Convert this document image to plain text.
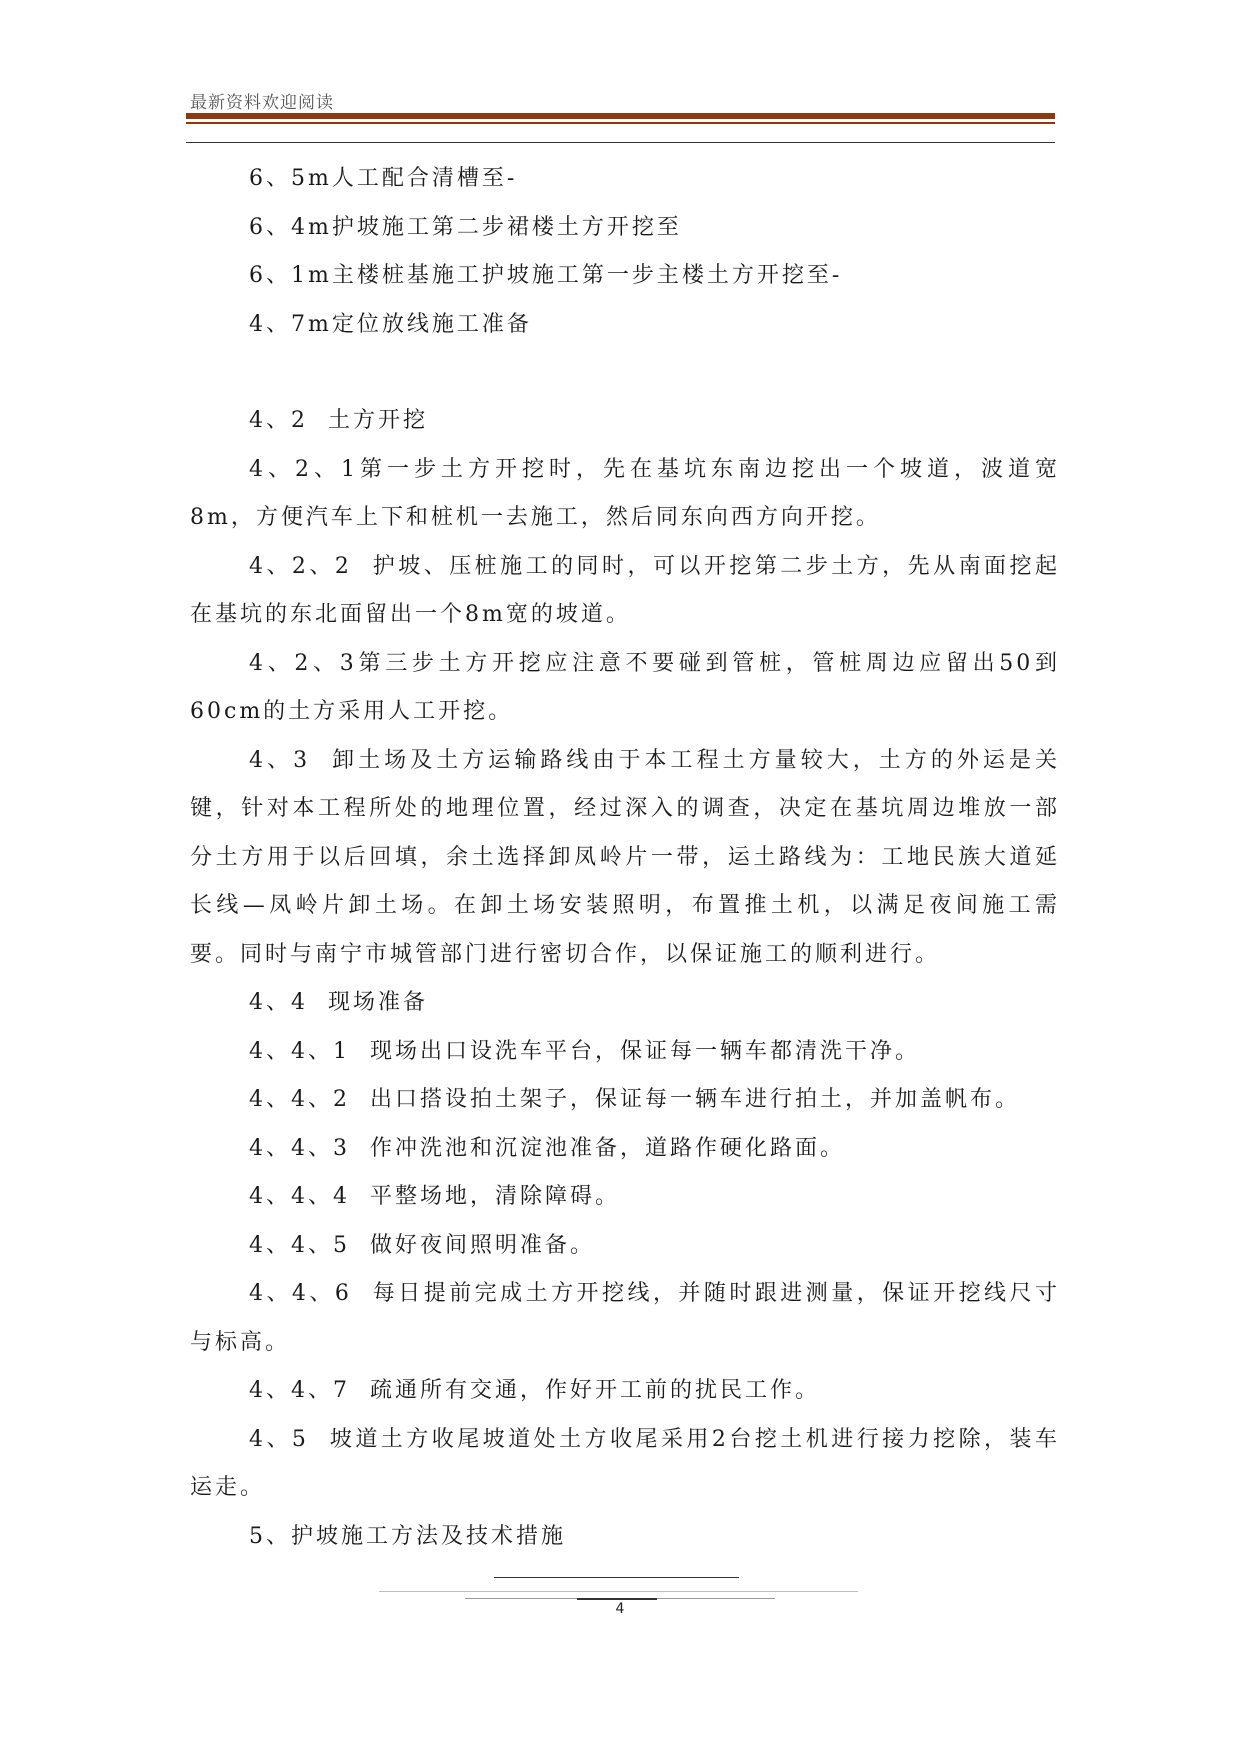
最新资料欢迎阅读

6、5m人工配合清槽至-

6、4m护坡施工第二步裙楼土方开挖至

6、1m主楼桩基施工护坡施工第一步主楼土方开挖至-

4、7m定位放线施工准备

4、2  土方开挖

4、2、1第一步土方开挖时，先在基坑东南边挖出一个坡道，波道宽8m，方便汽车上下和桩机一去施工，然后同东向西方向开挖。

4、2、2  护坡、压桩施工的同时，可以开挖第二步土方，先从南面挖起在基坑的东北面留出一个8m宽的坡道。

4、2、3第三步土方开挖应注意不要碰到管桩，管桩周边应留出50到60cm的土方采用人工开挖。

4、3  卸土场及土方运输路线由于本工程土方量较大，土方的外运是关键，针对本工程所处的地理位置，经过深入的调查，决定在基坑周边堆放一部分土方用于以后回填，余土选择卸凤岭片一带，运土路线为：工地民族大道延长线—凤岭片卸土场。在卸土场安装照明，布置推土机，以满足夜间施工需要。同时与南宁市城管部门进行密切合作，以保证施工的顺利进行。

4、4  现场准备

4、4、1  现场出口设洗车平台，保证每一辆车都清洗干净。

4、4、2  出口搭设拍土架子，保证每一辆车进行拍土，并加盖帆布。

4、4、3  作冲洗池和沉淀池准备，道路作硬化路面。

4、4、4  平整场地，清除障碍。

4、4、5  做好夜间照明准备。

4、4、6  每日提前完成土方开挖线，并随时跟进测量，保证开挖线尺寸与标高。

4、4、7  疏通所有交通，作好开工前的扰民工作。

4、5  坡道土方收尾坡道处土方收尾采用2台挖土机进行接力挖除，装车运走。

5、护坡施工方法及技术措施

4
